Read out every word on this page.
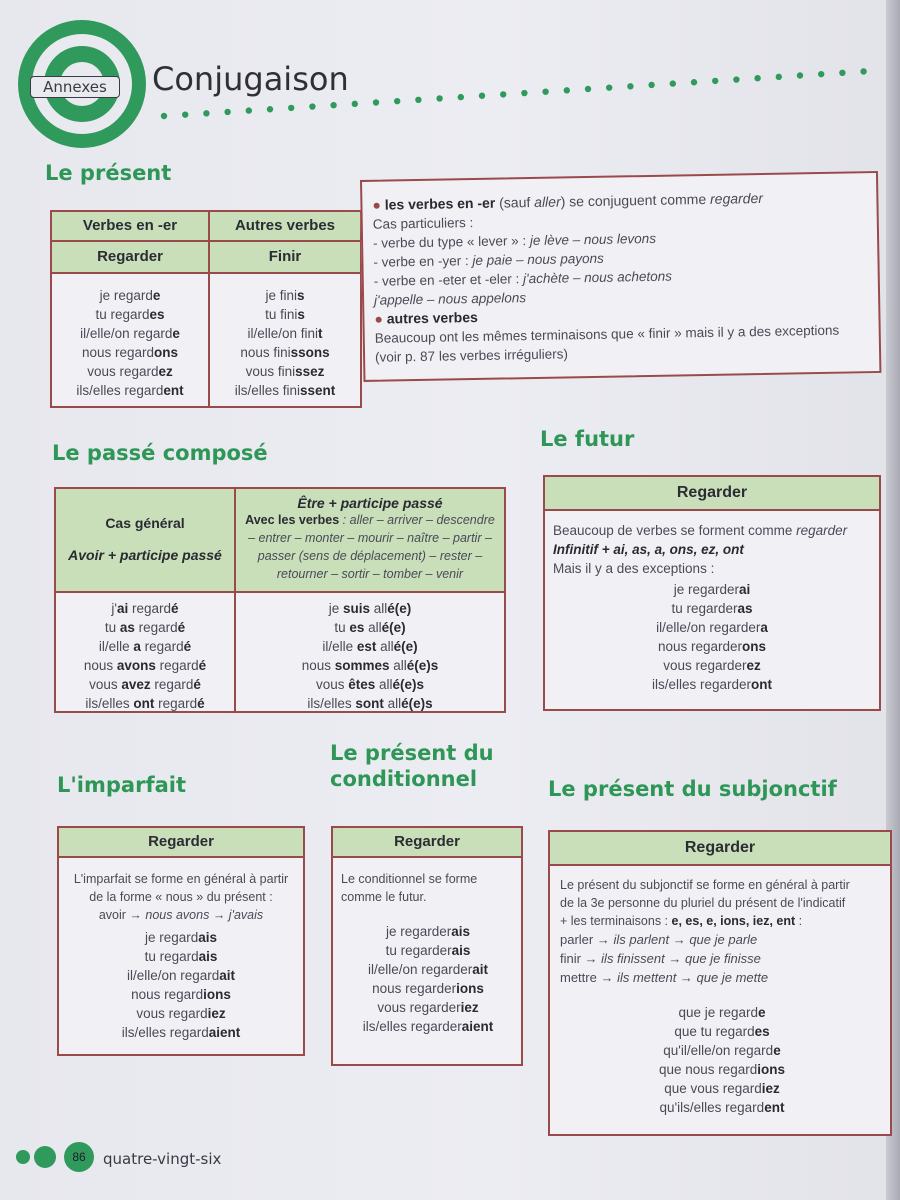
Annexes	Conjugaison
Le présent
Verbes en -er
Regarder
je regarde
tu regardes
il/elle/on regarde
nous regardons
vous regardez
ils/elles regardent
Autres verbes
Finir
je finis
tu finis
il/elle/on finit
nous finissons
vous finissez
ils/elles finissent
● les verbes en -er (sauf aller) se conjuguent comme regarder
Cas particuliers :
- verbe du type « lever » : je lève – nous levons
- verbe en -yer : je paie – nous payons
- verbe en -eter et -eler : j'achète – nous achetons
j'appelle – nous appelons
● autres verbes
Beaucoup ont les mêmes terminaisons que « finir » mais il y a des exceptions
(voir p. 87 les verbes irréguliers)
Le passé composé
Cas général
Avoir + participe passé
j'ai regardé
tu as regardé
il/elle a regardé
nous avons regardé
vous avez regardé
ils/elles ont regardé
Être + participe passé
Avec les verbes : aller – arriver – descendre – entrer – monter – mourir – naître – partir – passer (sens de déplacement) – rester – retourner – sortir – tomber – venir
je suis allé(e)
tu es allé(e)
il/elle est allé(e)
nous sommes allé(e)s
vous êtes allé(e)s
ils/elles sont allé(e)s
Le futur
Regarder
Beaucoup de verbes se forment comme regarder
Infinitif + ai, as, a, ons, ez, ont
Mais il y a des exceptions :
je regarderai
tu regarderas
il/elle/on regardera
nous regarderons
vous regarderez
ils/elles regarderont
L'imparfait
Regarder
L'imparfait se forme en général à partir
de la forme « nous » du présent :
avoir → nous avons → j'avais
je regardais
tu regardais
il/elle/on regardait
nous regardions
vous regardiez
ils/elles regardaient
Le présent du conditionnel
Regarder
Le conditionnel se forme
comme le futur.
je regarderais
tu regarderais
il/elle/on regarderait
nous regarderions
vous regarderiez
ils/elles regarderaient
Le présent du subjonctif
Regarder
Le présent du subjonctif se forme en général à partir
de la 3e personne du pluriel du présent de l'indicatif
+ les terminaisons : e, es, e, ions, iez, ent :
parler → ils parlent → que je parle
finir → ils finissent → que je finisse
mettre → ils mettent → que je mette
que je regarde
que tu regardes
qu'il/elle/on regarde
que nous regardions
que vous regardiez
qu'ils/elles regardent
86	quatre-vingt-six
